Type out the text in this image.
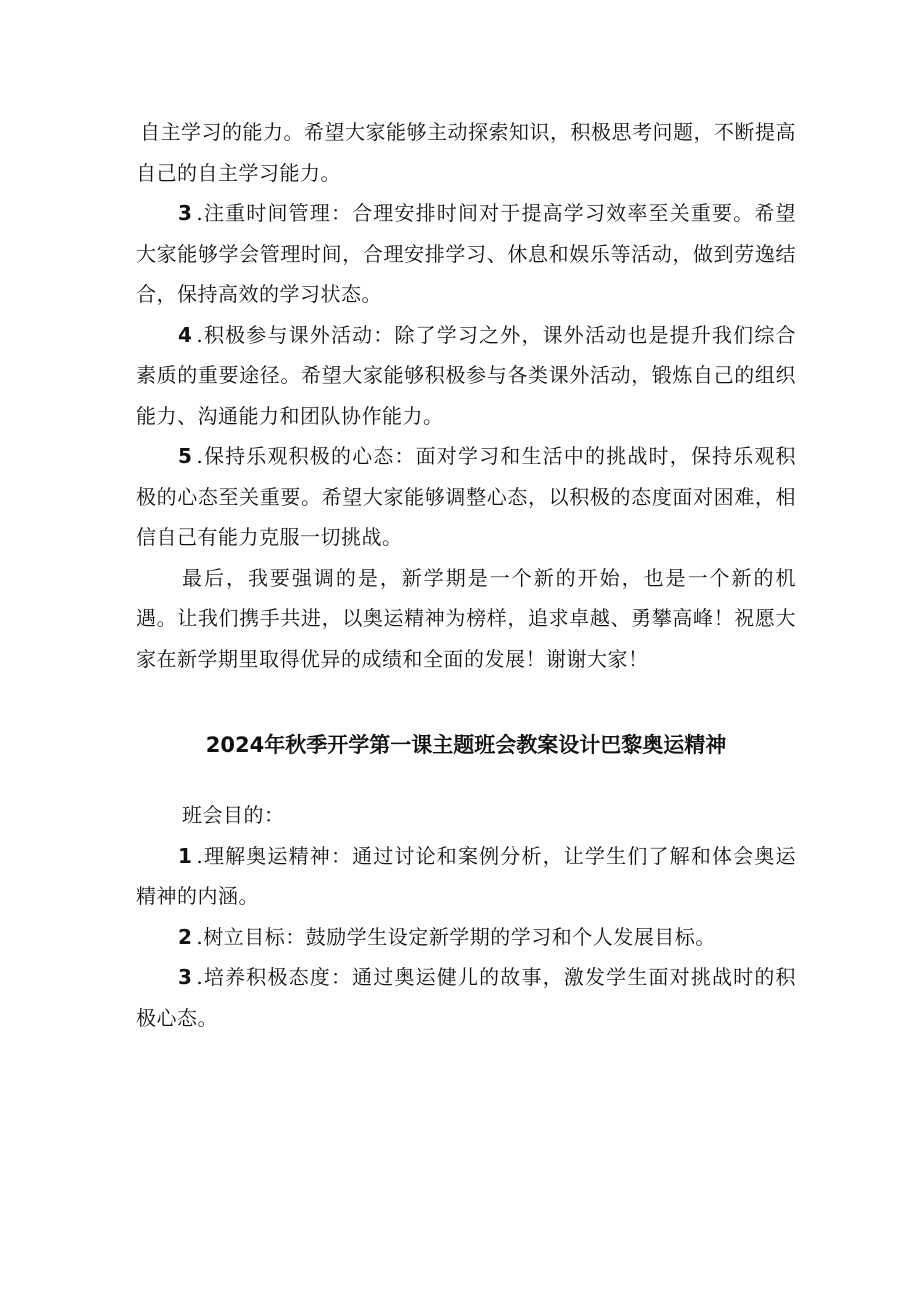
自主学习的能力。希望大家能够主动探索知识，积极思考问题，不断提高自己的自主学习能力。

3 .注重时间管理：合理安排时间对于提高学习效率至关重要。希望大家能够学会管理时间，合理安排学习、休息和娱乐等活动，做到劳逸结合，保持高效的学习状态。

4 .积极参与课外活动：除了学习之外，课外活动也是提升我们综合素质的重要途径。希望大家能够积极参与各类课外活动，锻炼自己的组织能力、沟通能力和团队协作能力。

5 .保持乐观积极的心态：面对学习和生活中的挑战时，保持乐观积极的心态至关重要。希望大家能够调整心态，以积极的态度面对困难，相信自己有能力克服一切挑战。

最后，我要强调的是，新学期是一个新的开始，也是一个新的机遇。让我们携手共进，以奥运精神为榜样，追求卓越、勇攀高峰！祝愿大家在新学期里取得优异的成绩和全面的发展！谢谢大家！

2024年秋季开学第一课主题班会教案设计巴黎奥运精神

班会目的：

1 .理解奥运精神：通过讨论和案例分析，让学生们了解和体会奥运精神的内涵。

2 .树立目标：鼓励学生设定新学期的学习和个人发展目标。

3 .培养积极态度：通过奥运健儿的故事，激发学生面对挑战时的积极心态。
